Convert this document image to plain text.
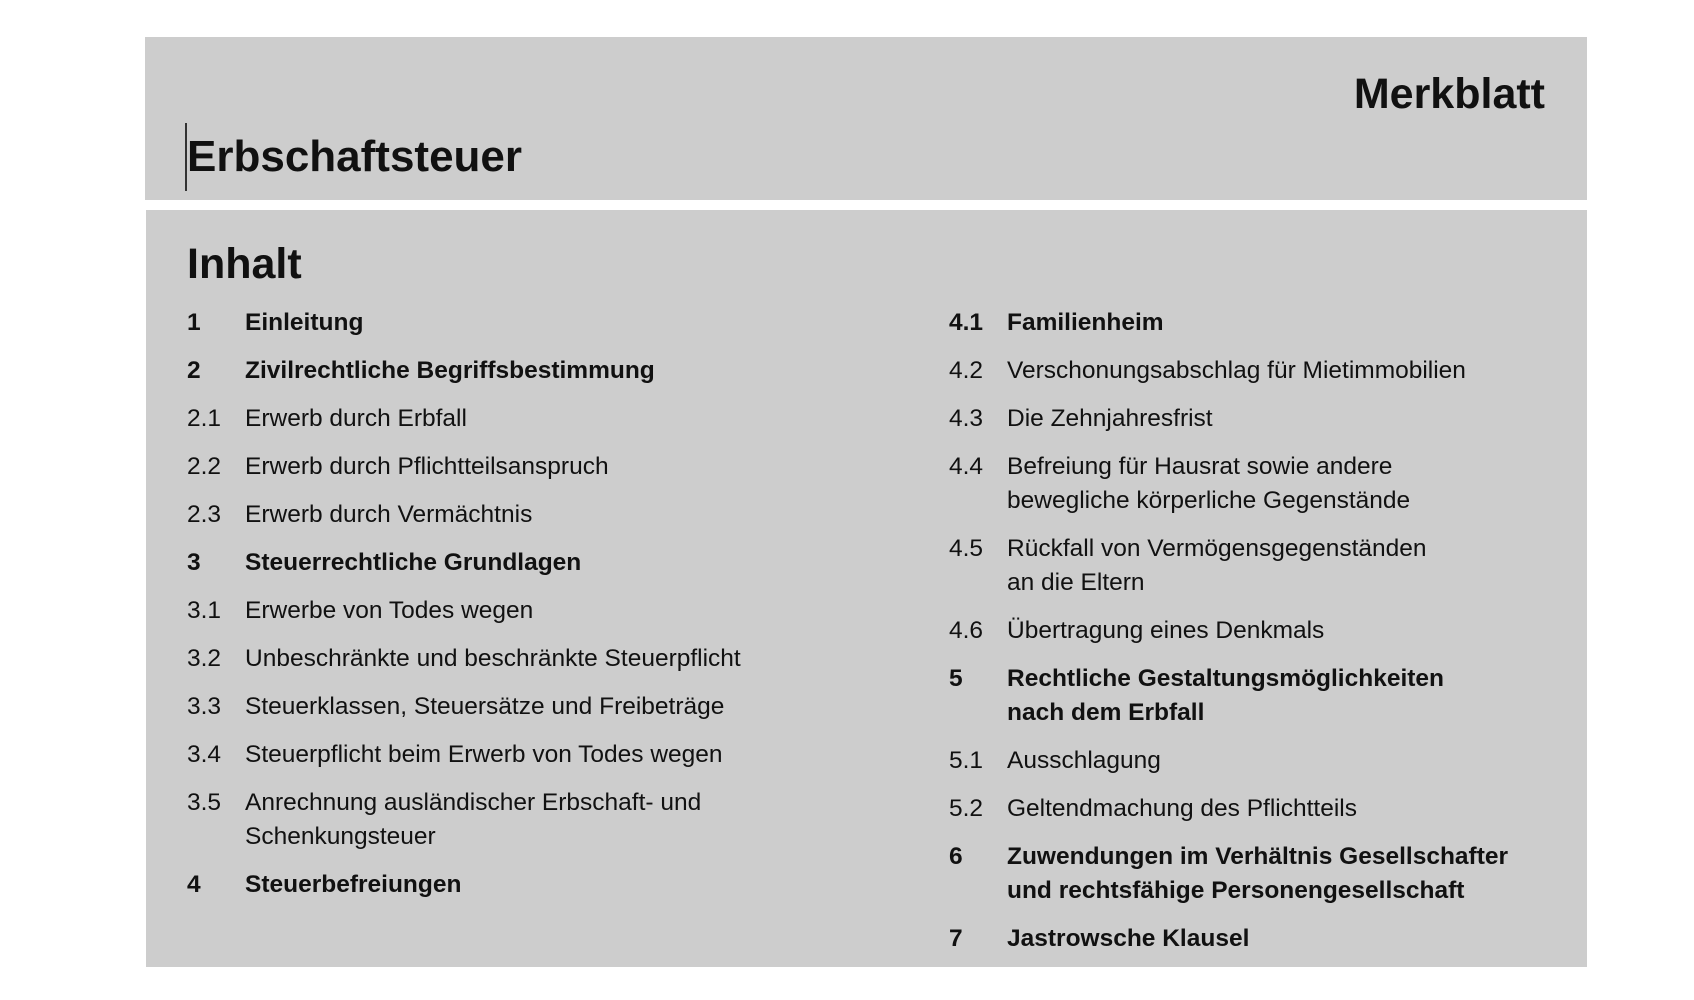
Merkblatt
Erbschaftsteuer
Inhalt
1	Einleitung
2	Zivilrechtliche Begriffsbestimmung
2.1 Erwerb durch Erbfall
2.2 Erwerb durch Pflichtteilsanspruch
2.3 Erwerb durch Vermächtnis
3	Steuerrechtliche Grundlagen
3.1 Erwerbe von Todes wegen
3.2 Unbeschränkte und beschränkte Steuerpflicht
3.3 Steuerklassen, Steuersätze und Freibeträge
3.4 Steuerpflicht beim Erwerb von Todes wegen
3.5 Anrechnung ausländischer Erbschaft- und
Schenkungsteuer
4	Steuerbefreiungen
4.1 Familienheim
4.2 Verschonungsabschlag für Mietimmobilien
4.3 Die Zehnjahresfrist
4.4 Befreiung für Hausrat sowie andere
bewegliche körperliche Gegenstände
4.5 Rückfall von Vermögensgegenständen
an die Eltern
4.6 Übertragung eines Denkmals
5	Rechtliche Gestaltungsmöglichkeiten
nach dem Erbfall
5.1 Ausschlagung
5.2 Geltendmachung des Pflichtteils
6	Zuwendungen im Verhältnis Gesellschafter
und rechtsfähige Personengesellschaft
7	Jastrowsche Klausel
